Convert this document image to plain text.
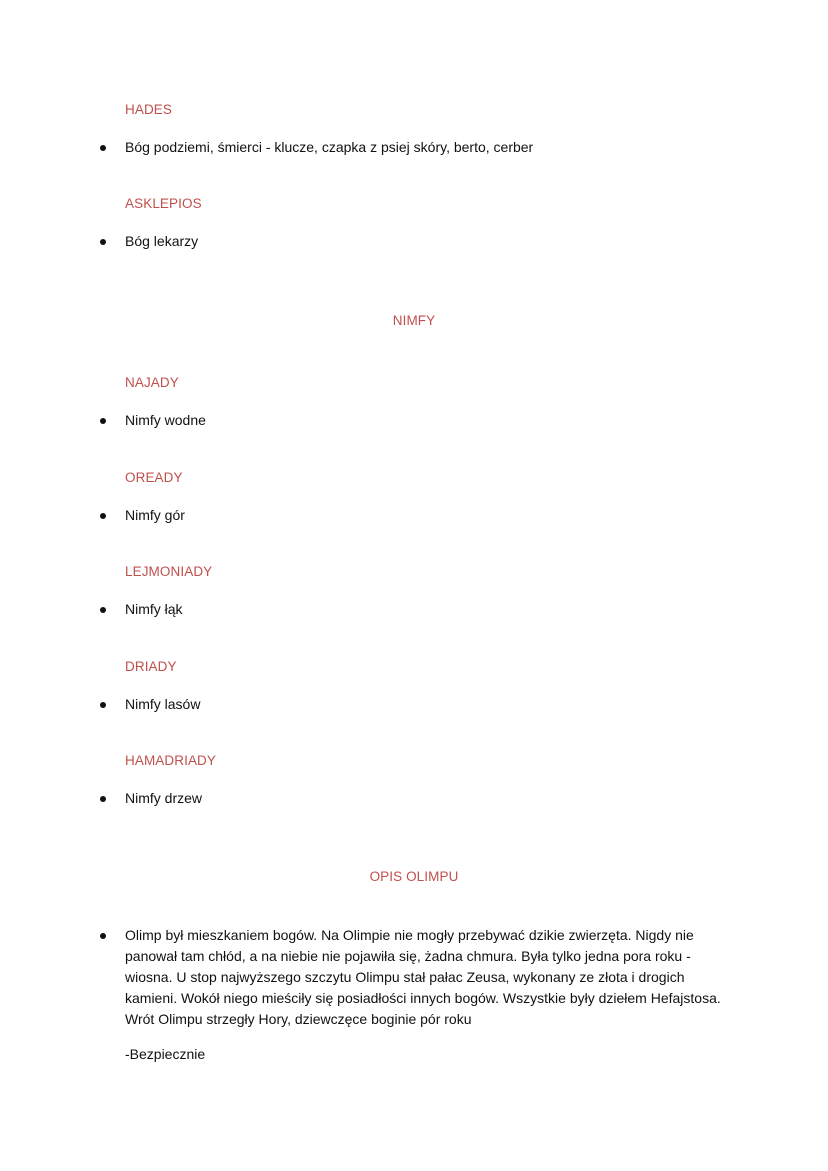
HADES
Bóg podziemi, śmierci - klucze, czapka z psiej skóry, berto, cerber
ASKLEPIOS
Bóg lekarzy
NIMFY
NAJADY
Nimfy wodne
OREADY
Nimfy gór
LEJMONIADY
Nimfy łąk
DRIADY
Nimfy lasów
HAMADRIADY
Nimfy drzew
OPIS OLIMPU
Olimp był mieszkaniem bogów. Na Olimpie nie mogły przebywać dzikie zwierzęta. Nigdy nie
panował tam chłód, a na niebie nie pojawiła się, żadna chmura. Była tylko jedna pora roku -
wiosna. U stop najwyższego szczytu Olimpu stał pałac Zeusa, wykonany ze złota i drogich
kamieni. Wokół niego mieściły się posiadłości innych bogów. Wszystkie były dziełem Hefajstosa.
Wrót Olimpu strzegły Hory, dziewczęce boginie pór roku
-Bezpiecznie
